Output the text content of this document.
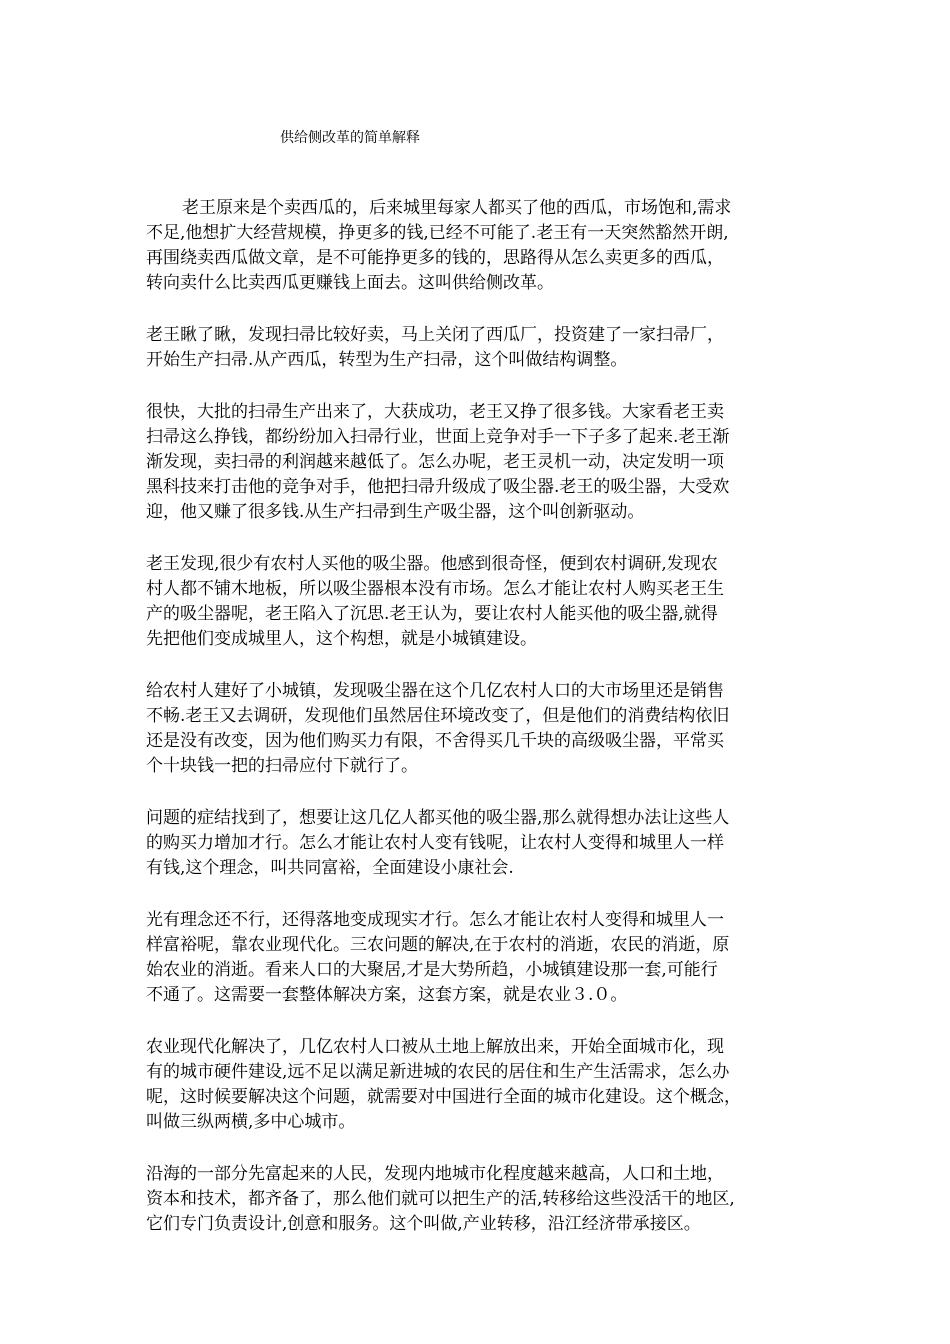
供给侧改革的简单解释

老王原来是个卖西瓜的，后来城里每家人都买了他的西瓜，市场饱和,需求
不足,他想扩大经营规模，挣更多的钱,已经不可能了.老王有一天突然豁然开朗,
再围绕卖西瓜做文章，是不可能挣更多的钱的，思路得从怎么卖更多的西瓜，
转向卖什么比卖西瓜更赚钱上面去。这叫供给侧改革。

老王瞅了瞅，发现扫帚比较好卖，马上关闭了西瓜厂，投资建了一家扫帚厂，
开始生产扫帚.从产西瓜，转型为生产扫帚，这个叫做结构调整。

很快，大批的扫帚生产出来了，大获成功，老王又挣了很多钱。大家看老王卖
扫帚这么挣钱，都纷纷加入扫帚行业，世面上竞争对手一下子多了起来.老王渐
渐发现，卖扫帚的利润越来越低了。怎么办呢，老王灵机一动，决定发明一项
黑科技来打击他的竞争对手，他把扫帚升级成了吸尘器.老王的吸尘器，大受欢
迎，他又赚了很多钱.从生产扫帚到生产吸尘器，这个叫创新驱动。

老王发现,很少有农村人买他的吸尘器。他感到很奇怪，便到农村调研,发现农
村人都不铺木地板，所以吸尘器根本没有市场。怎么才能让农村人购买老王生
产的吸尘器呢，老王陷入了沉思.老王认为，要让农村人能买他的吸尘器,就得
先把他们变成城里人，这个构想，就是小城镇建设。

给农村人建好了小城镇，发现吸尘器在这个几亿农村人口的大市场里还是销售
不畅.老王又去调研，发现他们虽然居住环境改变了，但是他们的消费结构依旧
还是没有改变，因为他们购买力有限，不舍得买几千块的高级吸尘器，平常买
个十块钱一把的扫帚应付下就行了。

问题的症结找到了，想要让这几亿人都买他的吸尘器,那么就得想办法让这些人
的购买力增加才行。怎么才能让农村人变有钱呢，让农村人变得和城里人一样
有钱,这个理念，叫共同富裕，全面建设小康社会.

光有理念还不行，还得落地变成现实才行。怎么才能让农村人变得和城里人一
样富裕呢，靠农业现代化。三农问题的解决,在于农村的消逝，农民的消逝，原
始农业的消逝。看来人口的大聚居,才是大势所趋，小城镇建设那一套,可能行
不通了。这需要一套整体解决方案，这套方案，就是农业３.０。

农业现代化解决了，几亿农村人口被从土地上解放出来，开始全面城市化，现
有的城市硬件建设,远不足以满足新进城的农民的居住和生产生活需求，怎么办
呢，这时候要解决这个问题，就需要对中国进行全面的城市化建设。这个概念，
叫做三纵两横,多中心城市。

沿海的一部分先富起来的人民，发现内地城市化程度越来越高，人口和土地，
资本和技术，都齐备了，那么他们就可以把生产的活,转移给这些没活干的地区,
它们专门负责设计,创意和服务。这个叫做,产业转移，沿江经济带承接区。
